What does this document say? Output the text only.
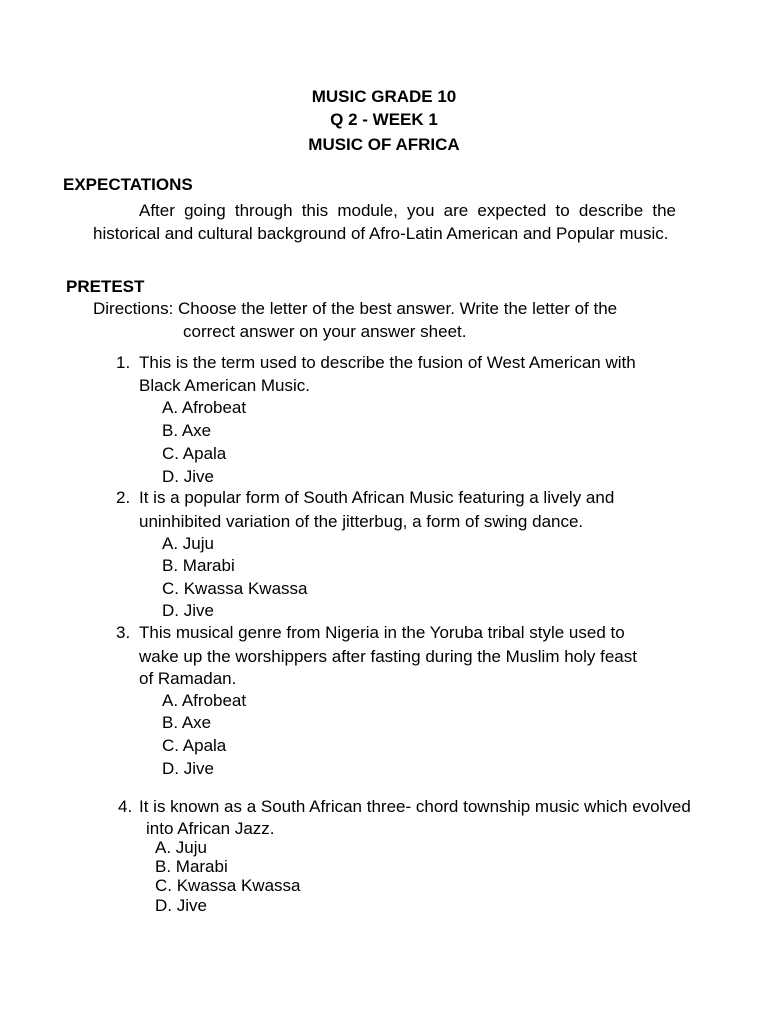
MUSIC GRADE 10
Q 2 - WEEK 1
MUSIC OF AFRICA
EXPECTATIONS
After going through this module, you are expected to describe the historical and cultural background of Afro-Latin American and Popular music.
PRETEST
Directions: Choose the letter of the best answer. Write the letter of the
correct answer on your answer sheet.
1. This is the term used to describe the fusion of West American with
Black American Music.
A. Afrobeat
B. Axe
C. Apala
D. Jive
2. It is a popular form of South African Music featuring a lively and
uninhibited variation of the jitterbug, a form of swing dance.
A. Juju
B. Marabi
C. Kwassa Kwassa
D. Jive
3. This musical genre from Nigeria in the Yoruba tribal style used to
wake up the worshippers after fasting during the Muslim holy feast
of Ramadan.
A. Afrobeat
B. Axe
C. Apala
D. Jive
4. It is known as a South African three- chord township music which evolved
into African Jazz.
A. Juju
B. Marabi
C. Kwassa Kwassa
D. Jive
